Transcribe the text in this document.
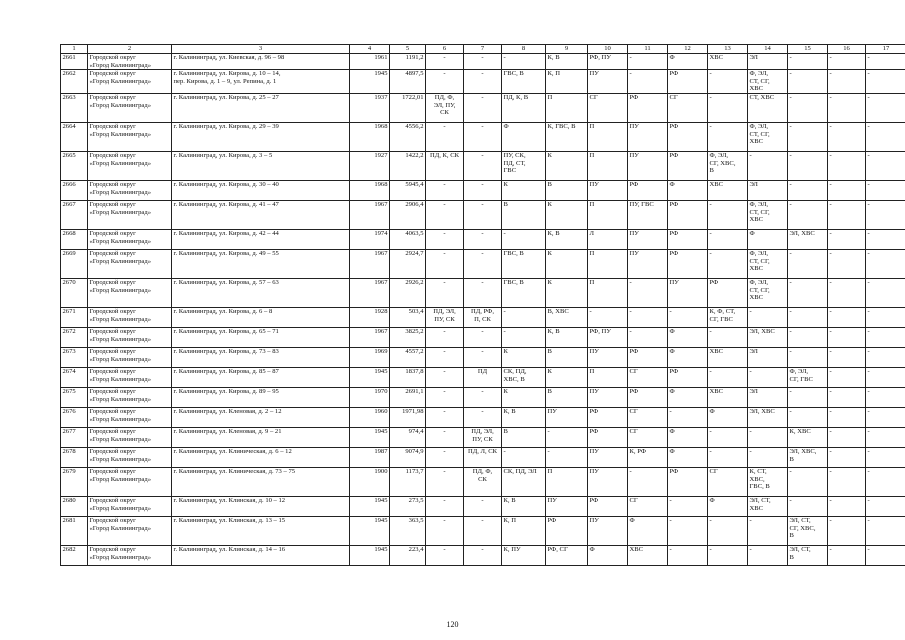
1	2	3	4	5	6	7	8	9	10	11	12	13	14	15	16	17
2661	Городской округ
«Город Калининград»	г. Калининград, ул. Киевская, д. 96 – 98	1961	1191,2	-	-	-	К, В	РФ, ПУ	-	Ф	ХВС	ЭЛ	-	-	-
2662	Городской округ
«Город Калининград»	г. Калининград, ул. Кирова, д. 10 – 14,
пер. Кирова, д. 1 – 9, ул. Репина, д. 1	1945	4897,5	-	-	ГВС, В	К, П	ПУ	-	РФ	-	Ф, ЭЛ,
СТ, СГ,
ХВС	-	-	-
2663	Городской округ
«Город Калининград»	г. Калининград, ул. Кирова, д. 25 – 27	1937	1722,01	ПД, Ф,
ЭЛ, ПУ,
СК	-	ПД, К, В	П	СГ	РФ	СГ	-	СТ, ХВС	-	-	-
2664	Городской округ
«Город Калининград»	г. Калининград, ул. Кирова, д. 29 – 39	1968	4556,2	-	-	Ф	К, ГВС, В	П	ПУ	РФ	-	Ф, ЭЛ,
СТ, СГ,
ХВС	-	-	-
2665	Городской округ
«Город Калининград»	г. Калининград, ул. Кирова, д. 3 – 5	1927	1422,2	ПД, К, СК	-	ПУ, СК,
ПД, СТ,
ГВС	К	П	ПУ	РФ	Ф, ЭЛ,
СГ, ХВС,
В	-	-	-	-
2666	Городской округ
«Город Калининград»	г. Калининград, ул. Кирова, д. 30 – 40	1968	5945,4	-	-	К	В	ПУ	РФ	Ф	ХВС	ЭЛ	-	-	-
2667	Городской округ
«Город Калининград»	г. Калининград, ул. Кирова, д. 41 – 47	1967	2906,4	-	-	В	К	П	ПУ, ГВС	РФ	-	Ф, ЭЛ,
СТ, СГ,
ХВС	-	-	-
2668	Городской округ
«Город Калининград»	г. Калининград, ул. Кирова, д. 42 – 44	1974	4063,5	-	-	-	К, В	Л	ПУ	РФ	-	Ф	ЭЛ, ХВС	-	-
2669	Городской округ
«Город Калининград»	г. Калининград, ул. Кирова, д. 49 – 55	1967	2924,7	-	-	ГВС, В	К	П	ПУ	РФ	-	Ф, ЭЛ,
СТ, СГ,
ХВС	-	-	-
2670	Городской округ
«Город Калининград»	г. Калининград, ул. Кирова, д. 57 – 63	1967	2926,2	-	-	ГВС, В	К	П	-	ПУ	РФ	Ф, ЭЛ,
СТ, СГ,
ХВС	-	-	-
2671	Городской округ
«Город Калининград»	г. Калининград, ул. Кирова, д. 6 – 8	1928	503,4	ПД, ЭЛ,
ПУ, СК	ПД, РФ,
П, СК	-	В, ХВС	-	-	-	К, Ф, СТ,
СГ, ГВС	-	-	-	-
2672	Городской округ
«Город Калининград»	г. Калининград, ул. Кирова, д. 65 – 71	1967	3825,2	-	-	-	К, В	РФ, ПУ	-	Ф	-	ЭЛ, ХВС	-	-	-
2673	Городской округ
«Город Калининград»	г. Калининград, ул. Кирова, д. 73 – 83	1969	4557,2	-	-	К	В	ПУ	РФ	Ф	ХВС	ЭЛ	-	-	-
2674	Городской округ
«Город Калининград»	г. Калининград, ул. Кирова, д. 85 – 87	1945	1837,8	-	ПД	СК, ПД,
ХВС, В	К	П	СГ	РФ	-	-	Ф, ЭЛ,
СГ, ГВС	-	-
2675	Городской округ
«Город Калининград»	г. Калининград, ул. Кирова, д. 89 – 95	1970	2691,1	-	-	К	В	ПУ	РФ	Ф	ХВС	ЭЛ	-	-	-
2676	Городской округ
«Город Калининград»	г. Калининград, ул. Кленовая, д. 2 – 12	1960	1971,98	-	-	К, В	ПУ	РФ	СГ	-	Ф	ЭЛ, ХВС	-	-	-
2677	Городской округ
«Город Калининград»	г. Калининград, ул. Кленовая, д. 9 – 21	1945	974,4	-	ПД, ЭЛ,
ПУ, СК	В	-	РФ	СГ	Ф	-	-	К, ХВС	-	-
2678	Городской округ
«Город Калининград»	г. Калининград, ул. Клиническая, д. 6 – 12	1987	9074,9	-	ПД, Л, СК	-	-	ПУ	К, РФ	Ф	-	-	ЭЛ, ХВС,
В	-	-
2679	Городской округ
«Город Калининград»	г. Калининград, ул. Клиническая, д. 73 – 75	1900	1173,7	-	ПД, Ф,
СК	СК, ПД, ЭЛ	П	ПУ	-	РФ	СГ	К, СТ,
ХВС,
ГВС, В	-	-	-
2680	Городской округ
«Город Калининград»	г. Калининград, ул. Клинская, д. 10 – 12	1945	273,5	-	-	К, В	ПУ	РФ	СГ	-	Ф	ЭЛ, СТ,
ХВС	-	-	-
2681	Городской округ
«Город Калининград»	г. Калининград, ул. Клинская, д. 13 – 15	1945	363,5	-	-	К, П	РФ	ПУ	Ф	-	-	-	ЭЛ, СТ,
СГ, ХВС,
В	-	-
2682	Городской округ
«Город Калининград»	г. Калининград, ул. Клинская, д. 14 – 16	1945	223,4	-	-	К, ПУ	РФ, СГ	Ф	ХВС	-	-	-	ЭЛ, СТ,
В	-	-
120
